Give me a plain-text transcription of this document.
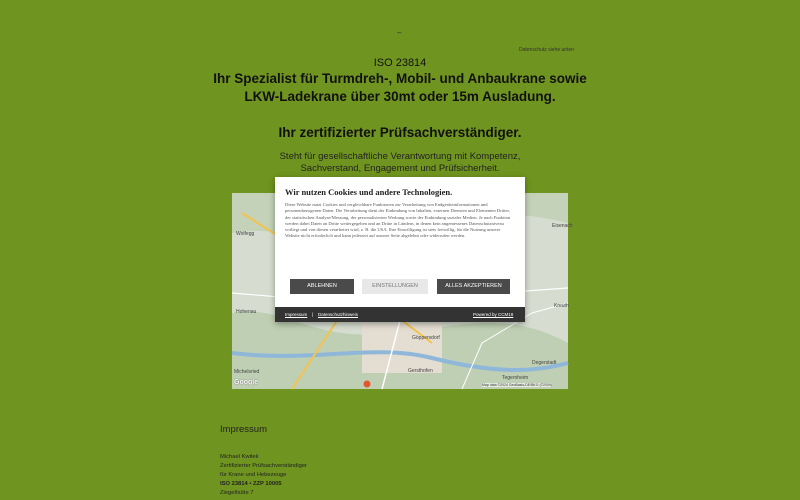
–
Datenschutz siehe unten
ISO 23814
Ihr Spezialist für Turmdreh-, Mobil- und Anbaukrane sowie
LKW-Ladekrane über 30mt oder 15m Ausladung.
Ihr zertifizierter Prüfsachverständiger.
Steht für gesellschaftliche Verantwortung mit Kompetenz,
Sachverstand, Engagement und Prüfsicherheit.
Wolfegg
Göppersdorf
Gersthofen
Degerstadt
Tegernheim
Hohenau
Kreuth
Eisenach
Michelsried
Google	Map data ©2024 GeoBasis-DE/BKG (©2009)
Wir nutzen Cookies und andere Technologien.
Diese Website nutzt Cookies und vergleichbare Funktionen zur Verarbeitung von Endgeräteinformationen und personenbezogenen Daten. Die Verarbeitung dient der Einbindung von Inhalten, externen Diensten und Elementen Dritter, der statistischen Analyse/Messung, der personalisierten Werbung sowie der Einbindung sozialer Medien. Je nach Funktion werden dabei Daten an Dritte weitergegeben und an Dritte in Ländern, in denen kein angemessenes Datenschutzniveau vorliegt und von diesen verarbeitet wird, z. B. die USA. Ihre Einwilligung ist stets freiwillig, für die Nutzung unserer Website nicht erforderlich und kann jederzeit auf unserer Seite abgelehnt oder widerrufen werden.
ABLEHNEN	EINSTELLUNGEN	ALLES AKZEPTIEREN
Impressum | Datenschutzhinweis	Powered by CCM19
Impressum
Michael Kwitek
Zertifizierter Prüfsachverständiger
für Krane und Hebezeuge
ISO 23814 • ZZP 10005
Ziegelhütte 7
